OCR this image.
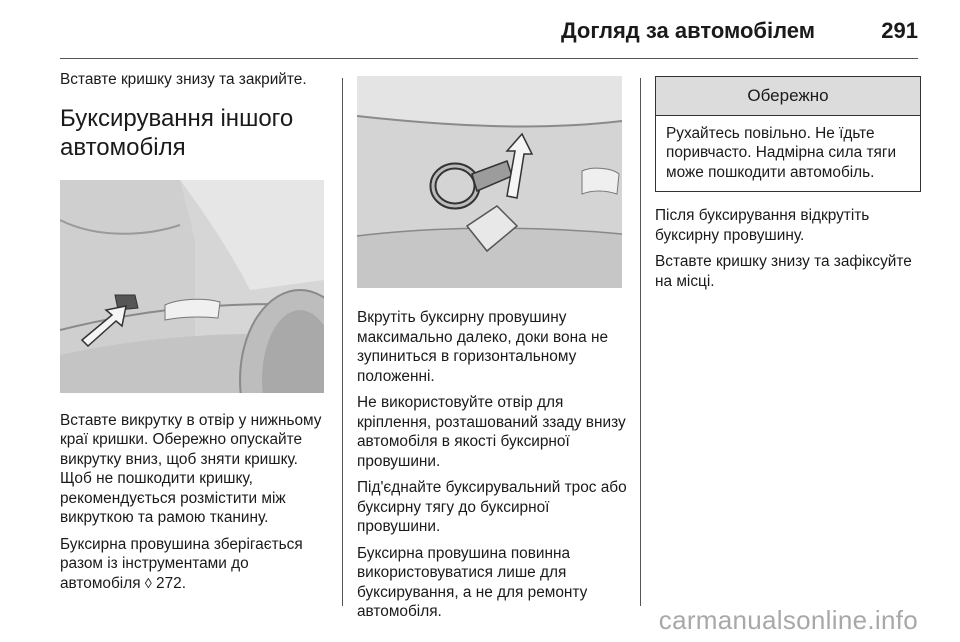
Догляд за автомобілем	291

Вставте кришку знизу та закрийте.

Буксирування іншого автомобіля

Вставте викрутку в отвір у нижньому краї кришки. Обережно опускайте викрутку вниз, щоб зняти кришку. Щоб не пошкодити кришку, рекомендується розмістити між викруткою та рамою тканину.

Буксирна провушина зберігається разом із інструментами до автомобіля ◊ 272.

Вкрутіть буксирну провушину максимально далеко, доки вона не зупиниться в горизонтальному положенні.

Не використовуйте отвір для кріплення, розташований ззаду внизу автомобіля в якості буксирної провушини.

Під'єднайте буксирувальний трос або буксирну тягу до буксирної провушини.

Буксирна провушина повинна використовуватися лише для буксирування, а не для ремонту автомобіля.

Обережно
Рухайтесь повільно. Не їдьте поривчасто. Надмірна сила тяги може пошкодити автомобіль.

Після буксирування відкрутіть буксирну провушину.

Вставте кришку знизу та зафіксуйте на місці.

carmanualsonline.info
